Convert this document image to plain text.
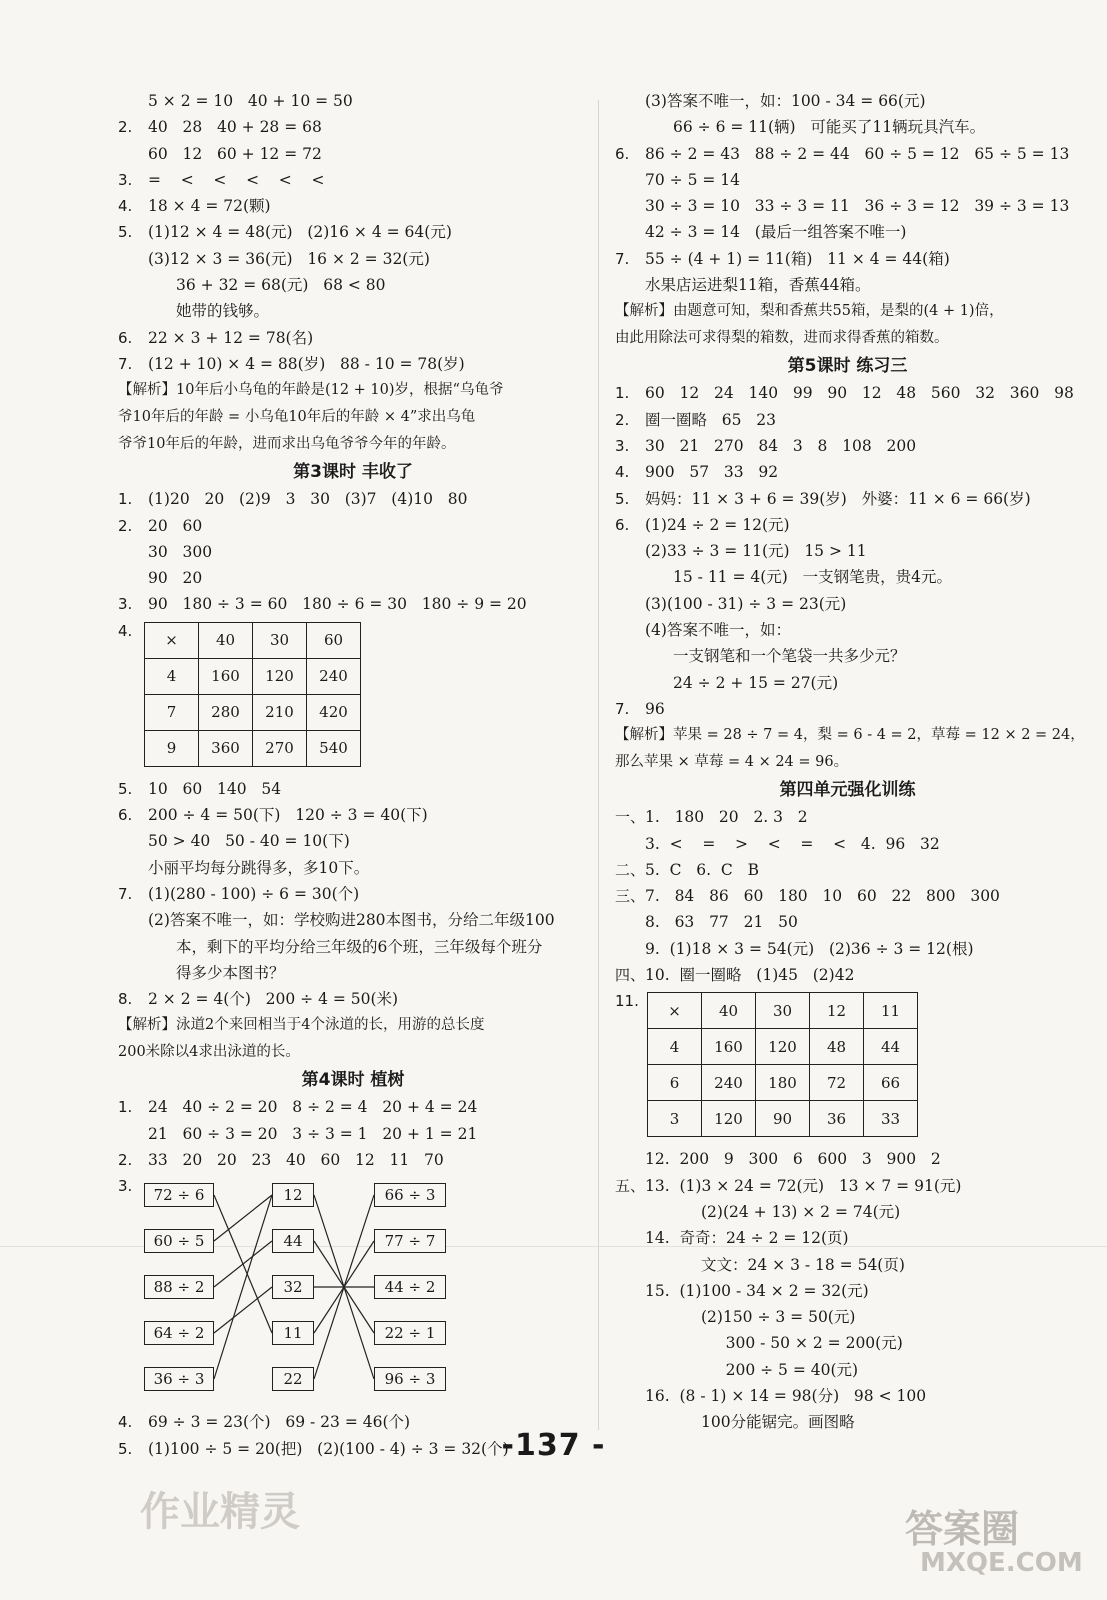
5 × 2 = 10   40 + 10 = 50
2. 40   28   40 + 28 = 68
60   12   60 + 12 = 72
3. =    <    <    <    <    <
4. 18 × 4 = 72(颗)
5. (1)12 × 4 = 48(元)   (2)16 × 4 = 64(元)
(3)12 × 3 = 36(元)   16 × 2 = 32(元)
36 + 32 = 68(元)   68 < 80
她带的钱够。
6. 22 × 3 + 12 = 78(名)
7. (12 + 10) × 4 = 88(岁)   88 - 10 = 78(岁)
【解析】10年后小乌龟的年龄是(12 + 10)岁，根据“乌龟爷
爷10年后的年龄 = 小乌龟10年后的年龄 × 4”求出乌龟
爷爷10年后的年龄，进而求出乌龟爷爷今年的年龄。
第3课时 丰收了
1. (1)20   20   (2)9   3   30   (3)7   (4)10   80
2. 20   60
30   300
90   20
3. 90   180 ÷ 3 = 60   180 ÷ 6 = 30   180 ÷ 9 = 20
4.
×	40	30	60
4	160	120	240
7	280	210	420
9	360	270	540
5. 10   60   140   54
6. 200 ÷ 4 = 50(下)   120 ÷ 3 = 40(下)
50 > 40   50 - 40 = 10(下)
小丽平均每分跳得多，多10下。
7. (1)(280 - 100) ÷ 6 = 30(个)
(2)答案不唯一，如：学校购进280本图书，分给二年级100
本，剩下的平均分给三年级的6个班，三年级每个班分
得多少本图书？
8. 2 × 2 = 4(个)   200 ÷ 4 = 50(米)
【解析】泳道2个来回相当于4个泳道的长，用游的总长度
200米除以4求出泳道的长。
第4课时 植树
1. 24   40 ÷ 2 = 20   8 ÷ 2 = 4   20 + 4 = 24
21   60 ÷ 3 = 20   3 ÷ 3 = 1   20 + 1 = 21
2. 33   20   20   23   40   60   12   11   70
3.	72 ÷ 6
60 ÷ 5
88 ÷ 2
64 ÷ 2
36 ÷ 3
12
44
32
11
22
66 ÷ 3
77 ÷ 7
44 ÷ 2
22 ÷ 1
96 ÷ 3
4. 69 ÷ 3 = 23(个)   69 - 23 = 46(个)
5. (1)100 ÷ 5 = 20(把)   (2)(100 - 4) ÷ 3 = 32(个)
(3)答案不唯一，如：100 - 34 = 66(元)
66 ÷ 6 = 11(辆)   可能买了11辆玩具汽车。
6. 86 ÷ 2 = 43   88 ÷ 2 = 44   60 ÷ 5 = 12   65 ÷ 5 = 13
70 ÷ 5 = 14
30 ÷ 3 = 10   33 ÷ 3 = 11   36 ÷ 3 = 12   39 ÷ 3 = 13
42 ÷ 3 = 14   (最后一组答案不唯一)
7. 55 ÷ (4 + 1) = 11(箱)   11 × 4 = 44(箱)
水果店运进梨11箱，香蕉44箱。
【解析】由题意可知，梨和香蕉共55箱，是梨的(4 + 1)倍，
由此用除法可求得梨的箱数，进而求得香蕉的箱数。
第5课时 练习三
1. 60   12   24   140   99   90   12   48   560   32   360   98
2. 圈一圈略   65   23
3. 30   21   270   84   3   8   108   200
4. 900   57   33   92
5. 妈妈：11 × 3 + 6 = 39(岁)   外婆：11 × 6 = 66(岁)
6. (1)24 ÷ 2 = 12(元)
(2)33 ÷ 3 = 11(元)   15 > 11
15 - 11 = 4(元)   一支钢笔贵，贵4元。
(3)(100 - 31) ÷ 3 = 23(元)
(4)答案不唯一，如：
一支钢笔和一个笔袋一共多少元？
24 ÷ 2 + 15 = 27(元)
7. 96
【解析】苹果 = 28 ÷ 7 = 4，梨 = 6 - 4 = 2，草莓 = 12 × 2 = 24，
那么苹果 × 草莓 = 4 × 24 = 96。
第四单元强化训练
一、 1.   180   20   2. 3   2
3.  <    =    >    <    =    <   4.  96   32
二、 5.  C   6.  C   B
三、 7.   84   86   60   180   10   60   22   800   300
8.   63   77   21   50
9.  (1)18 × 3 = 54(元)   (2)36 ÷ 3 = 12(根)
四、 10.  圈一圈略   (1)45   (2)42
11.
×	40	30	12	11
4	160	120	48	44
6	240	180	72	66
3	120	90	36	33
12.  200   9   300   6   600   3   900   2
五、 13.  (1)3 × 24 = 72(元)   13 × 7 = 91(元)
(2)(24 + 13) × 2 = 74(元)
14.  奇奇：24 ÷ 2 = 12(页)
文文：24 × 3 - 18 = 54(页)
15.  (1)100 - 34 × 2 = 32(元)
(2)150 ÷ 3 = 50(元)
300 - 50 × 2 = 200(元)
200 ÷ 5 = 40(元)
16.  (8 - 1) × 14 = 98(分)   98 < 100
100分能锯完。画图略
-137 -
作业精灵	答案圈
MXQE.COM
